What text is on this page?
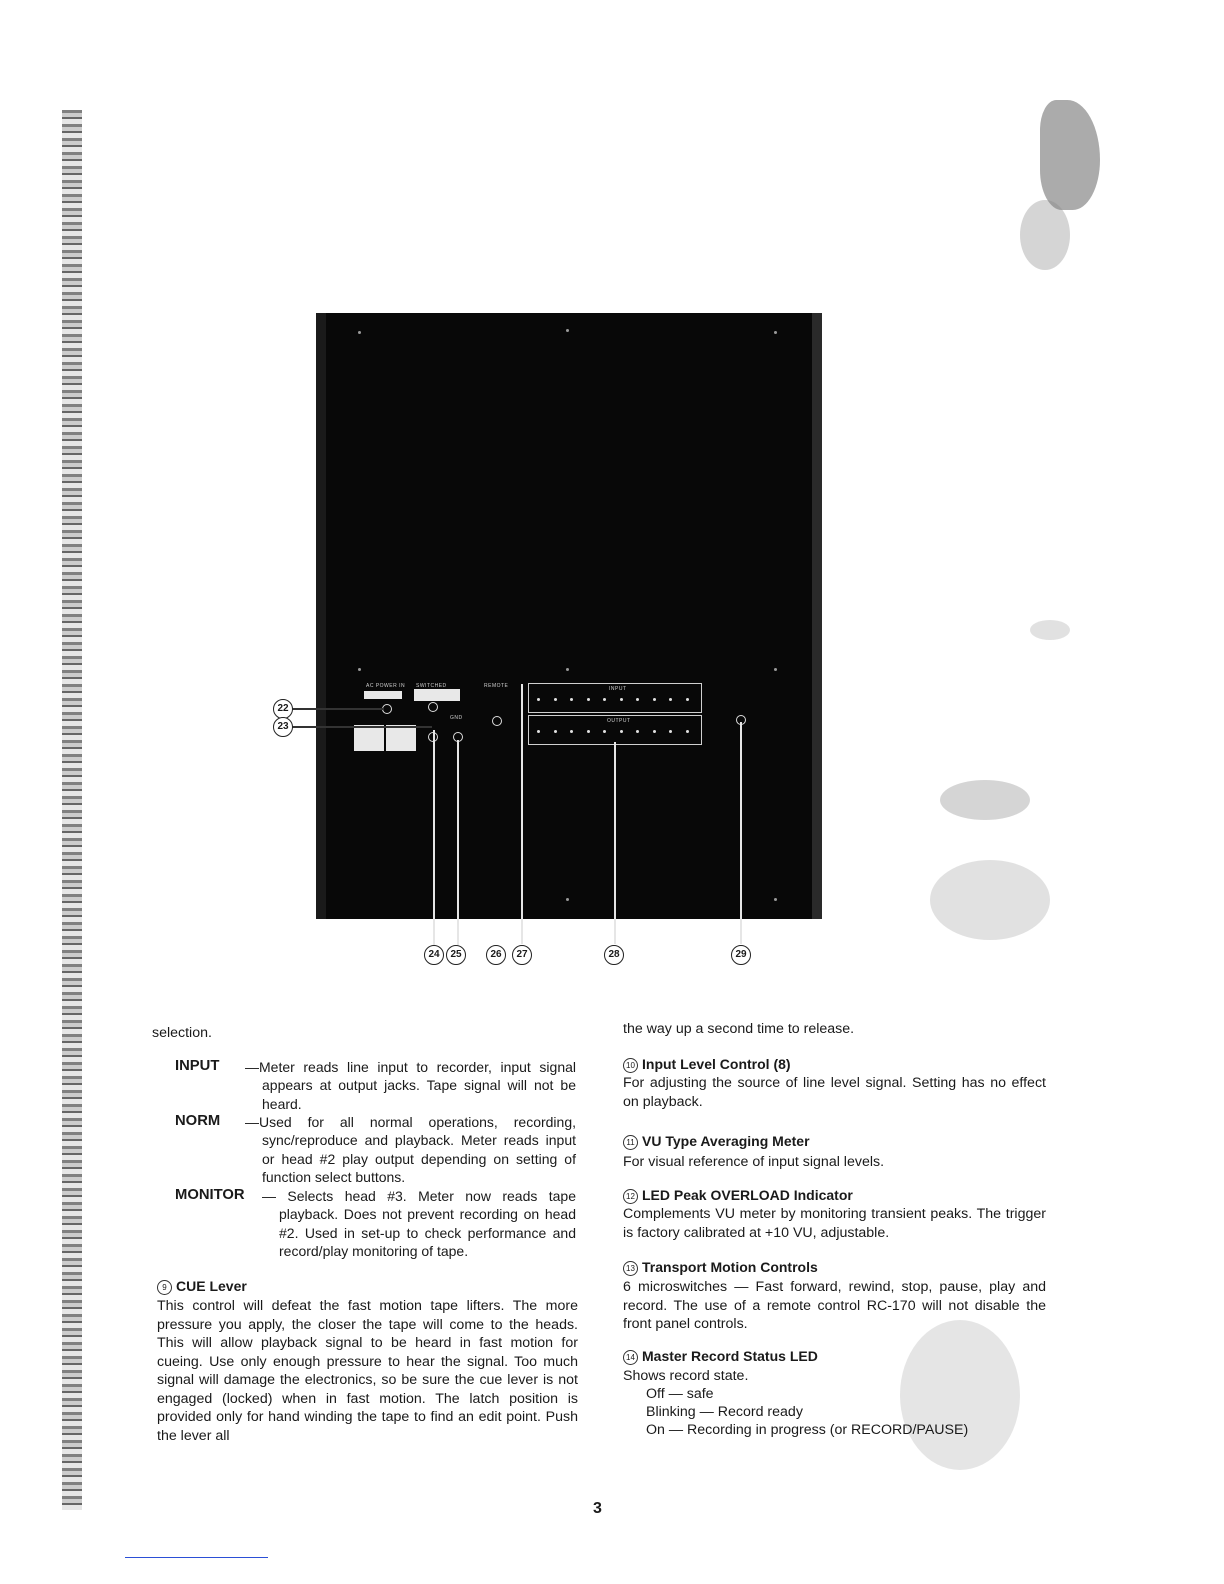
AC POWER IN SWITCHED	REMOTE
GND
INPUT
OUTPUT
22
23
24	25	26	27	28	29
selection.
INPUT —Meter reads line input to recorder, input signal appears at output jacks. Tape signal will not be heard.
NORM —Used for all normal operations, recording, sync/reproduce and playback. Meter reads input or head #2 play output depending on setting of function select buttons.
MONITOR — Selects head #3. Meter now reads tape playback. Does not prevent recording on head #2. Used in set-up to check performance and record/play monitoring of tape.
9 CUE Lever
This control will defeat the fast motion tape lifters. The more pressure you apply, the closer the tape will come to the heads. This will allow playback signal to be heard in fast motion for cueing. Use only enough pressure to hear the signal. Too much signal will damage the electronics, so be sure the cue lever is not engaged (locked) when in fast motion. The latch position is provided only for hand winding the tape to find an edit point. Push the lever all
the way up a second time to release.
10 Input Level Control (8)
For adjusting the source of line level signal. Setting has no effect on playback.
11 VU Type Averaging Meter
For visual reference of input signal levels.
12 LED Peak OVERLOAD Indicator
Complements VU meter by monitoring transient peaks. The trigger is factory calibrated at +10 VU, adjustable.
13 Transport Motion Controls
6 microswitches — Fast forward, rewind, stop, pause, play and record. The use of a remote control RC-170 will not disable the front panel controls.
14 Master Record Status LED
Shows record state.
Off — safe
Blinking — Record ready
On — Recording in progress (or RECORD/PAUSE)
3
